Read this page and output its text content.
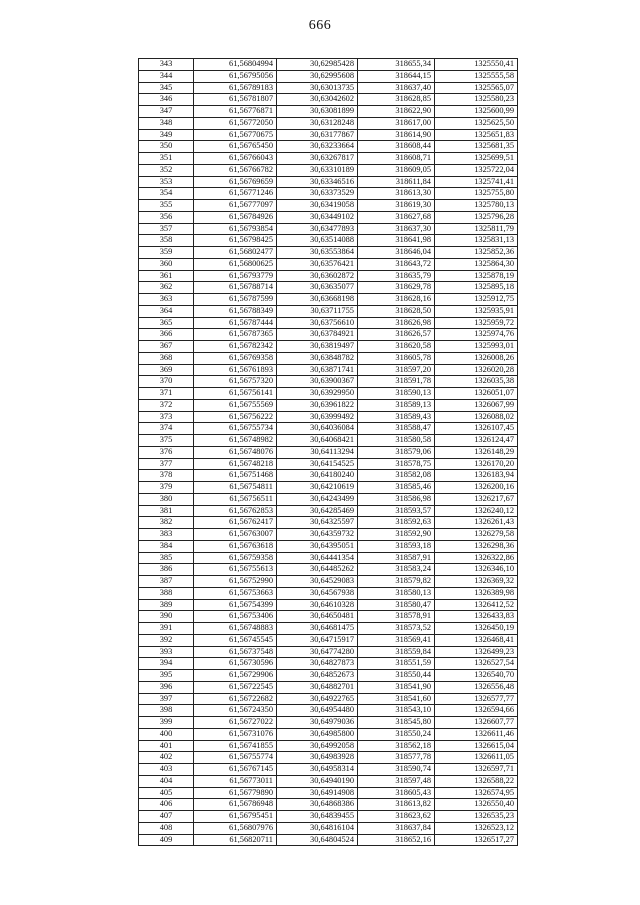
666
343	61,56804994	30,62985428	318655,34	1325550,41
344	61,56795056	30,62995608	318644,15	1325555,58
345	61,56789183	30,63013735	318637,40	1325565,07
346	61,56781807	30,63042602	318628,85	1325580,23
347	61,56776871	30,63081899	318622,90	1325600,99
348	61,56772050	30,63128248	318617,00	1325625,50
349	61,56770675	30,63177867	318614,90	1325651,83
350	61,56765450	30,63233664	318608,44	1325681,35
351	61,56766043	30,63267817	318608,71	1325699,51
352	61,56766782	30,63310189	318609,05	1325722,04
353	61,56769659	30,63346516	318611,84	1325741,41
354	61,56771246	30,63373529	318613,30	1325755,80
355	61,56777097	30,63419058	318619,30	1325780,13
356	61,56784926	30,63449102	318627,68	1325796,28
357	61,56793854	30,63477893	318637,30	1325811,79
358	61,56798425	30,63514088	318641,98	1325831,13
359	61,56802477	30,63553864	318646,04	1325852,36
360	61,56800625	30,63576421	318643,72	1325864,30
361	61,56793779	30,63602872	318635,79	1325878,19
362	61,56788714	30,63635077	318629,78	1325895,18
363	61,56787599	30,63668198	318628,16	1325912,75
364	61,56788349	30,63711755	318628,50	1325935,91
365	61,56787444	30,63756610	318626,98	1325959,72
366	61,56787365	30,63784921	318626,57	1325974,76
367	61,56782342	30,63819497	318620,58	1325993,01
368	61,56769358	30,63848782	318605,78	1326008,26
369	61,56761893	30,63871741	318597,20	1326020,28
370	61,56757320	30,63900367	318591,78	1326035,38
371	61,56756141	30,63929950	318590,13	1326051,07
372	61,56755569	30,63961822	318589,13	1326067,99
373	61,56756222	30,63999492	318589,43	1326088,02
374	61,56755734	30,64036084	318588,47	1326107,45
375	61,56748982	30,64068421	318580,58	1326124,47
376	61,56748076	30,64113294	318579,06	1326148,29
377	61,56748218	30,64154525	318578,75	1326170,20
378	61,56751468	30,64180240	318582,08	1326183,94
379	61,56754811	30,64210619	318585,46	1326200,16
380	61,56756511	30,64243499	318586,98	1326217,67
381	61,56762853	30,64285469	318593,57	1326240,12
382	61,56762417	30,64325597	318592,63	1326261,43
383	61,56763007	30,64359732	318592,90	1326279,58
384	61,56763618	30,64395051	318593,18	1326298,36
385	61,56759358	30,64441354	318587,91	1326322,86
386	61,56755613	30,64485262	318583,24	1326346,10
387	61,56752990	30,64529083	318579,82	1326369,32
388	61,56753663	30,64567938	318580,13	1326389,98
389	61,56754399	30,64610328	318580,47	1326412,52
390	61,56753406	30,64650481	318578,91	1326433,83
391	61,56748883	30,64681475	318573,52	1326450,19
392	61,56745545	30,64715917	318569,41	1326468,41
393	61,56737548	30,64774280	318559,84	1326499,23
394	61,56730596	30,64827873	318551,59	1326527,54
395	61,56729906	30,64852673	318550,44	1326540,70
396	61,56722545	30,64882701	318541,90	1326556,48
397	61,56722682	30,64922765	318541,60	1326577,77
398	61,56724350	30,64954480	318543,10	1326594,66
399	61,56727022	30,64979036	318545,80	1326607,77
400	61,56731076	30,64985800	318550,24	1326611,46
401	61,56741855	30,64992058	318562,18	1326615,04
402	61,56755774	30,64983928	318577,78	1326611,05
403	61,56767145	30,64958314	318590,74	1326597,71
404	61,56773011	30,64940190	318597,48	1326588,22
405	61,56779890	30,64914908	318605,43	1326574,95
406	61,56786948	30,64868386	318613,82	1326550,40
407	61,56795451	30,64839455	318623,62	1326535,23
408	61,56807976	30,64816104	318637,84	1326523,12
409	61,56820711	30,64804524	318652,16	1326517,27
